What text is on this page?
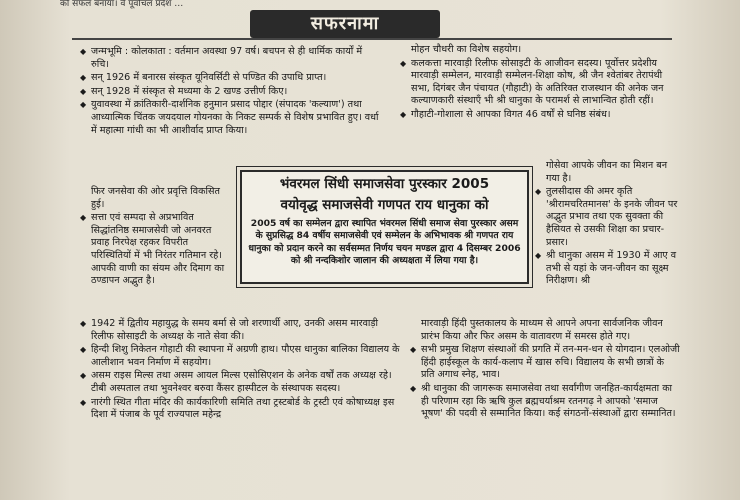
को सफल बनाया। वे पूर्वांचल प्रदेश …
सफरनामा
◆ जन्मभूमि : कोलकाता : वर्तमान अवस्था 97 वर्ष। बचपन से ही धार्मिक कार्यों में रुचि।
◆ सन् 1926 में बनारस संस्कृत यूनिवर्सिटी से पण्डित की उपाधि प्राप्त।
◆ सन् 1928 में संस्कृत से मध्यमा के 2 खण्ड उत्तीर्ण किए।
◆ युवावस्था में क्रांतिकारी-दार्शनिक हनुमान प्रसाद पोद्दार (संपादक 'कल्याण') तथा आध्यात्मिक चिंतक जयदयाल गोयनका के निकट सम्पर्क से विशेष प्रभावित हुए। वर्धा में महात्मा गांधी का भी आशीर्वाद प्राप्त किया।
फिर जनसेवा की ओर प्रवृत्ति विकसित हुई।
◆ सत्ता एवं सम्पदा से अप्रभावित सिद्धांतनिष्ठ समाजसेवी जो अनवरत प्रवाह निरपेक्ष रहकर विपरीत परिस्थितियों में भी निरंतर गतिमान रहे। आपकी वाणी का संयम और दिमाग का ठण्डापन अद्भुत है।
मोहन चौधरी का विशेष सहयोग।
◆ कलकत्ता मारवाड़ी रिलीफ सोसाइटी के आजीवन सदस्य। पूर्वोत्तर प्रदेशीय मारवाड़ी सम्मेलन, मारवाड़ी सम्मेलन-शिक्षा कोष, श्री जैन श्वेतांबर तेरापंथी सभा, दिगंबर जैन पंचायत (गौहाटी) के अतिरिक्त राजस्थान की अनेक जन कल्याणकारी संस्थाएँ भी श्री धानुका के परामर्श से लाभान्वित होती रहीं।
◆ गौहाटी-गोशाला से आपका विगत 46 वर्षों से घनिष्ठ संबंध।
गोसेवा आपके जीवन का मिशन बन गया है।
◆ तुलसीदास की अमर कृति 'श्रीरामचरितमानस' के इनके जीवन पर अद्भुत प्रभाव तथा एक सुवक्ता की हैसियत से उसकी शिक्षा का प्रचार-प्रसार।
◆ श्री धानुका असम में 1930 में आए व तभी से यहां के जन-जीवन का सूक्ष्म निरीक्षण। श्री
भंवरमल सिंधी समाजसेवा पुरस्कार 2005
वयोवृद्ध समाजसेवी गणपत राय धानुका को
2005 वर्ष का सम्मेलन द्वारा स्थापित भंवरमल सिंधी समाज सेवा पुरस्कार असम के सुप्रसिद्ध 84 वर्षीय समाजसेवी एवं सम्मेलन के अभिभावक श्री गणपत राय धानुका को प्रदान करने का सर्वसम्मत निर्णय चयन मण्डल द्वारा 4 दिसम्बर 2006 को श्री नन्दकिशोर जालान की अध्यक्षता में लिया गया है।
◆ 1942 में द्वितीय महायुद्ध के समय बर्मा से जो शरणार्थी आए, उनकी असम मारवाड़ी रिलीफ सोसाइटी के अध्यक्ष के नाते सेवा की।
◆ हिन्दी शिशु निकेतन गोहाटी की स्थापना में अग्रणी हाथ। पौएस धानुका बालिका विद्यालय के आलीशान भवन निर्माण में सहयोग।
◆ असम राइस मिल्स तथा असम आयल मिल्स एसोसिएशन के अनेक वर्षों तक अध्यक्ष रहे। टीबी अस्पताल तथा भुवनेश्वर बरुवा कैंसर हास्पीटल के संस्थापक सदस्य।
◆ नारंगी स्थित गीता मंदिर की कार्यकारिणी समिति तथा ट्रस्टबोर्ड के ट्रस्टी एवं कोषाध्यक्ष इस दिशा में पंजाब के पूर्व राज्यपाल महेन्द्र
मारवाड़ी हिंदी पुस्तकालय के माध्यम से आपने अपना सार्वजनिक जीवन प्रारंभ किया और फिर असम के वातावरण में समरस होते गए।
◆ सभी प्रमुख शिक्षण संस्थाओं की प्रगति में तन-मन-धन से योगदान। एलओजी हिंदी हाईस्कूल के कार्य-कलाप में खास रुचि। विद्यालय के सभी छात्रों के प्रति अगाध स्नेह, भाव।
◆ श्री धानुका की जागरूक समाजसेवा तथा सर्वांगीण जनहित-कार्यक्षमता का ही परिणाम रहा कि ऋषि कुल ब्रह्मचर्याश्रम रतनगढ़ ने आपको 'समाज भूषण' की पदवी से सम्मानित किया। कई संगठनों-संस्थाओं द्वारा सम्मानित।
